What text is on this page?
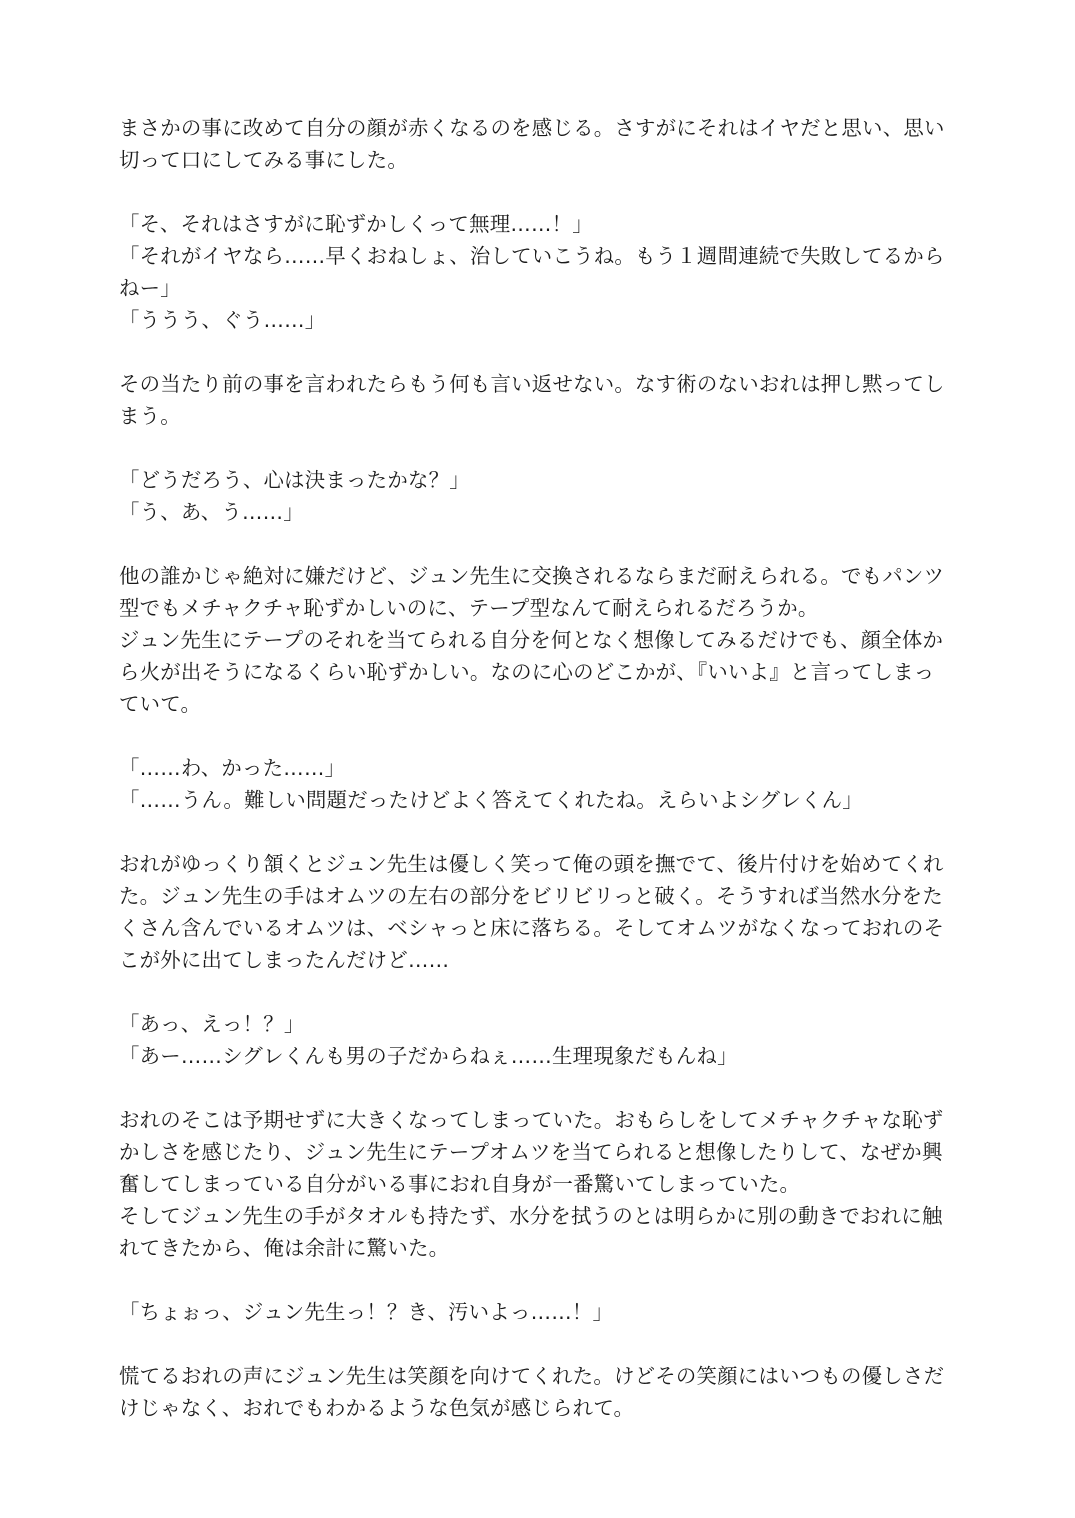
まさかの事に改めて自分の顔が赤くなるのを感じる。さすがにそれはイヤだと思い、思い
切って口にしてみる事にした。
「そ、それはさすがに恥ずかしくって無理……！」
「それがイヤなら……早くおねしょ、治していこうね。もう１週間連続で失敗してるから
ねー」
「ううう、ぐう……」
その当たり前の事を言われたらもう何も言い返せない。なす術のないおれは押し黙ってし
まう。
「どうだろう、心は決まったかな？」
「う、あ、う……」
他の誰かじゃ絶対に嫌だけど、ジュン先生に交換されるならまだ耐えられる。でもパンツ
型でもメチャクチャ恥ずかしいのに、テープ型なんて耐えられるだろうか。
ジュン先生にテープのそれを当てられる自分を何となく想像してみるだけでも、顔全体か
ら火が出そうになるくらい恥ずかしい。なのに心のどこかが、『いいよ』と言ってしまっ
ていて。
「……わ、かった……」
「……うん。難しい問題だったけどよく答えてくれたね。えらいよシグレくん」
おれがゆっくり頷くとジュン先生は優しく笑って俺の頭を撫でて、後片付けを始めてくれ
た。ジュン先生の手はオムツの左右の部分をビリビリっと破く。そうすれば当然水分をた
くさん含んでいるオムツは、ベシャっと床に落ちる。そしてオムツがなくなっておれのそ
こが外に出てしまったんだけど……
「あっ、えっ！？」
「あー……シグレくんも男の子だからねぇ……生理現象だもんね」
おれのそこは予期せずに大きくなってしまっていた。おもらしをしてメチャクチャな恥ず
かしさを感じたり、ジュン先生にテープオムツを当てられると想像したりして、なぜか興
奮してしまっている自分がいる事におれ自身が一番驚いてしまっていた。
そしてジュン先生の手がタオルも持たず、水分を拭うのとは明らかに別の動きでおれに触
れてきたから、俺は余計に驚いた。
「ちょぉっ、ジュン先生っ！？き、汚いよっ……！」
慌てるおれの声にジュン先生は笑顔を向けてくれた。けどその笑顔にはいつもの優しさだ
けじゃなく、おれでもわかるような色気が感じられて。
